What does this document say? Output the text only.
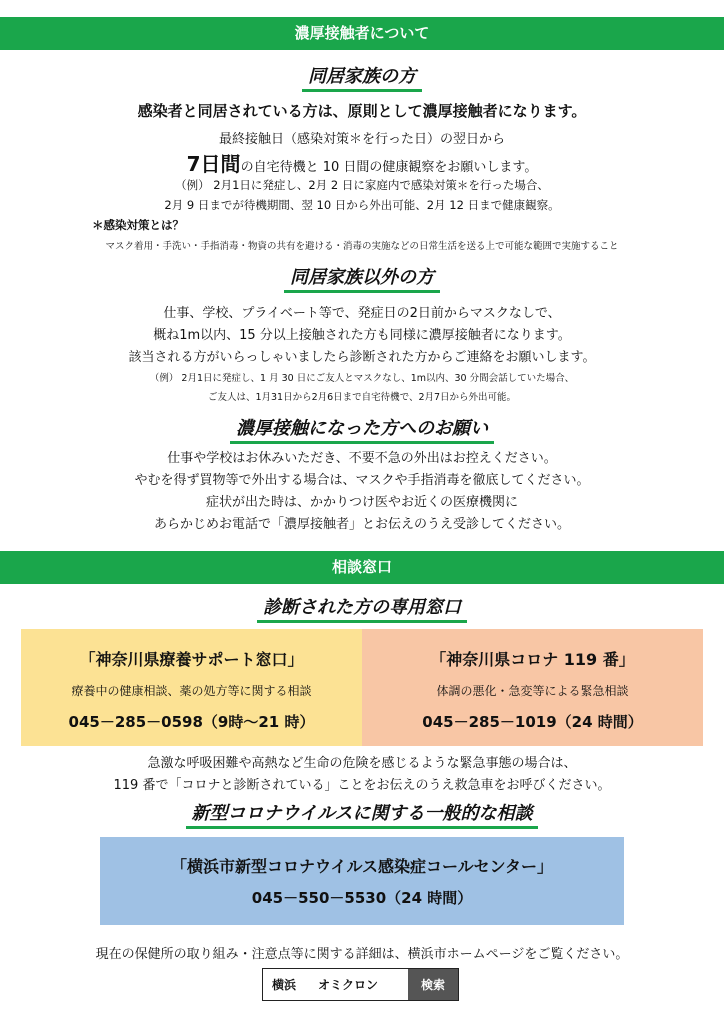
濃厚接触者について
同居家族の方
感染者と同居されている方は、原則として濃厚接触者になります。
最終接触日（感染対策＊を行った日）の翌日から
7日間の自宅待機と 10 日間の健康観察をお願いします。
（例） 2月1日に発症し、2月 2 日に家庭内で感染対策＊を行った場合、
2月 9 日までが待機期間、翌 10 日から外出可能、2月 12 日まで健康観察。
＊感染対策とは？
マスク着用・手洗い・手指消毒・物資の共有を避ける・消毒の実施などの日常生活を送る上で可能な範囲で実施すること
同居家族以外の方
仕事、学校、プライベート等で、発症日の2日前からマスクなしで、
概ね1m以内、15 分以上接触された方も同様に濃厚接触者になります。
該当される方がいらっしゃいましたら診断された方からご連絡をお願いします。
（例） 2月1日に発症し、1 月 30 日にご友人とマスクなし、1m以内、30 分間会話していた場合、
ご友人は、1月31日から2月6日まで自宅待機で、2月7日から外出可能。
濃厚接触になった方へのお願い
仕事や学校はお休みいただき、不要不急の外出はお控えください。
やむを得ず買物等で外出する場合は、マスクや手指消毒を徹底してください。
症状が出た時は、かかりつけ医やお近くの医療機関に
あらかじめお電話で「濃厚接触者」とお伝えのうえ受診してください。
相談窓口
診断された方の専用窓口
「神奈川県療養サポート窓口」
療養中の健康相談、薬の処方等に関する相談
045－285－0598（9時～21 時）
「神奈川県コロナ 119 番」
体調の悪化・急変等による緊急相談
045－285－1019（24 時間）
急激な呼吸困難や高熱など生命の危険を感じるような緊急事態の場合は、
119 番で「コロナと診断されている」ことをお伝えのうえ救急車をお呼びください。
新型コロナウイルスに関する一般的な相談
「横浜市新型コロナウイルス感染症コールセンター」
045－550－5530（24 時間）
現在の保健所の取り組み・注意点等に関する詳細は、横浜市ホームページをご覧ください。
横浜 オミクロン	検索
